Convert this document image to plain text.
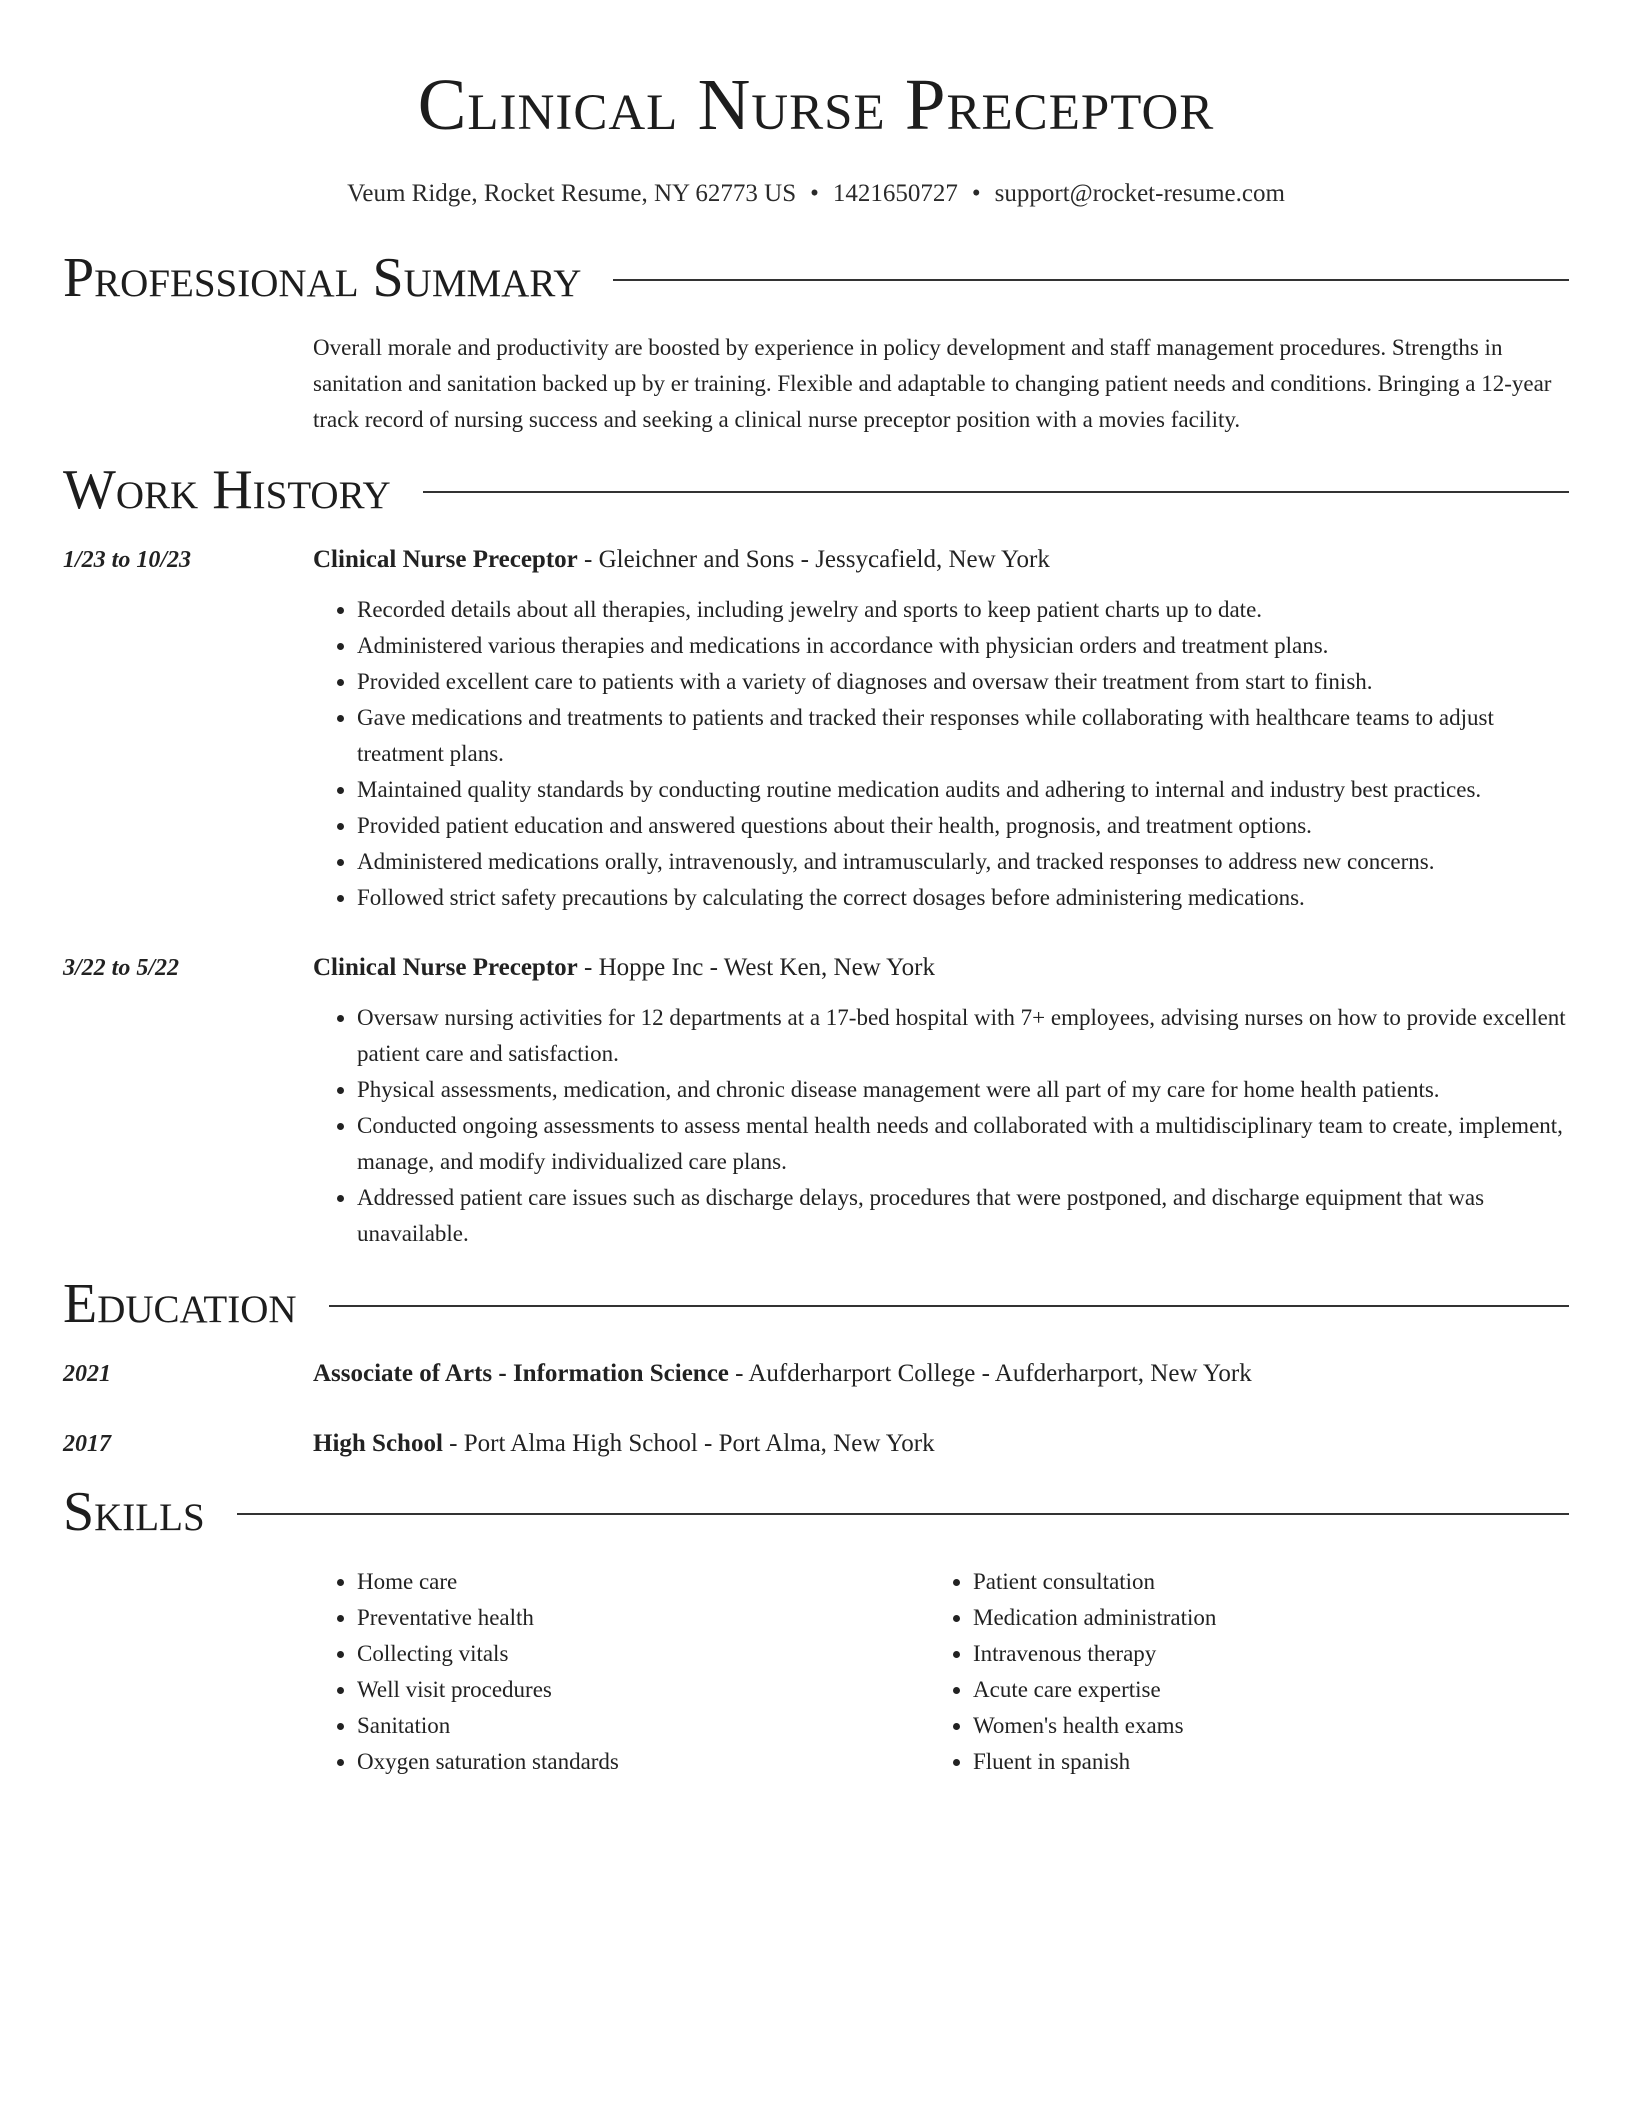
Clinical Nurse Preceptor
Veum Ridge, Rocket Resume, NY 62773 US • 1421650727 • support@rocket-resume.com
Professional Summary
Overall morale and productivity are boosted by experience in policy development and staff management procedures. Strengths in sanitation and sanitation backed up by er training. Flexible and adaptable to changing patient needs and conditions. Bringing a 12-year track record of nursing success and seeking a clinical nurse preceptor position with a movies facility.
Work History
1/23 to 10/23	Clinical Nurse Preceptor - Gleichner and Sons - Jessycafield, New York
• Recorded details about all therapies, including jewelry and sports to keep patient charts up to date.
• Administered various therapies and medications in accordance with physician orders and treatment plans.
• Provided excellent care to patients with a variety of diagnoses and oversaw their treatment from start to finish.
• Gave medications and treatments to patients and tracked their responses while collaborating with healthcare teams to adjust treatment plans.
• Maintained quality standards by conducting routine medication audits and adhering to internal and industry best practices.
• Provided patient education and answered questions about their health, prognosis, and treatment options.
• Administered medications orally, intravenously, and intramuscularly, and tracked responses to address new concerns.
• Followed strict safety precautions by calculating the correct dosages before administering medications.
3/22 to 5/22	Clinical Nurse Preceptor - Hoppe Inc - West Ken, New York
• Oversaw nursing activities for 12 departments at a 17-bed hospital with 7+ employees, advising nurses on how to provide excellent patient care and satisfaction.
• Physical assessments, medication, and chronic disease management were all part of my care for home health patients.
• Conducted ongoing assessments to assess mental health needs and collaborated with a multidisciplinary team to create, implement, manage, and modify individualized care plans.
• Addressed patient care issues such as discharge delays, procedures that were postponed, and discharge equipment that was unavailable.
Education
2021	Associate of Arts - Information Science - Aufderharport College - Aufderharport, New York
2017	High School - Port Alma High School - Port Alma, New York
Skills
• Home care
• Preventative health
• Collecting vitals
• Well visit procedures
• Sanitation
• Oxygen saturation standards
• Patient consultation
• Medication administration
• Intravenous therapy
• Acute care expertise
• Women's health exams
• Fluent in spanish
